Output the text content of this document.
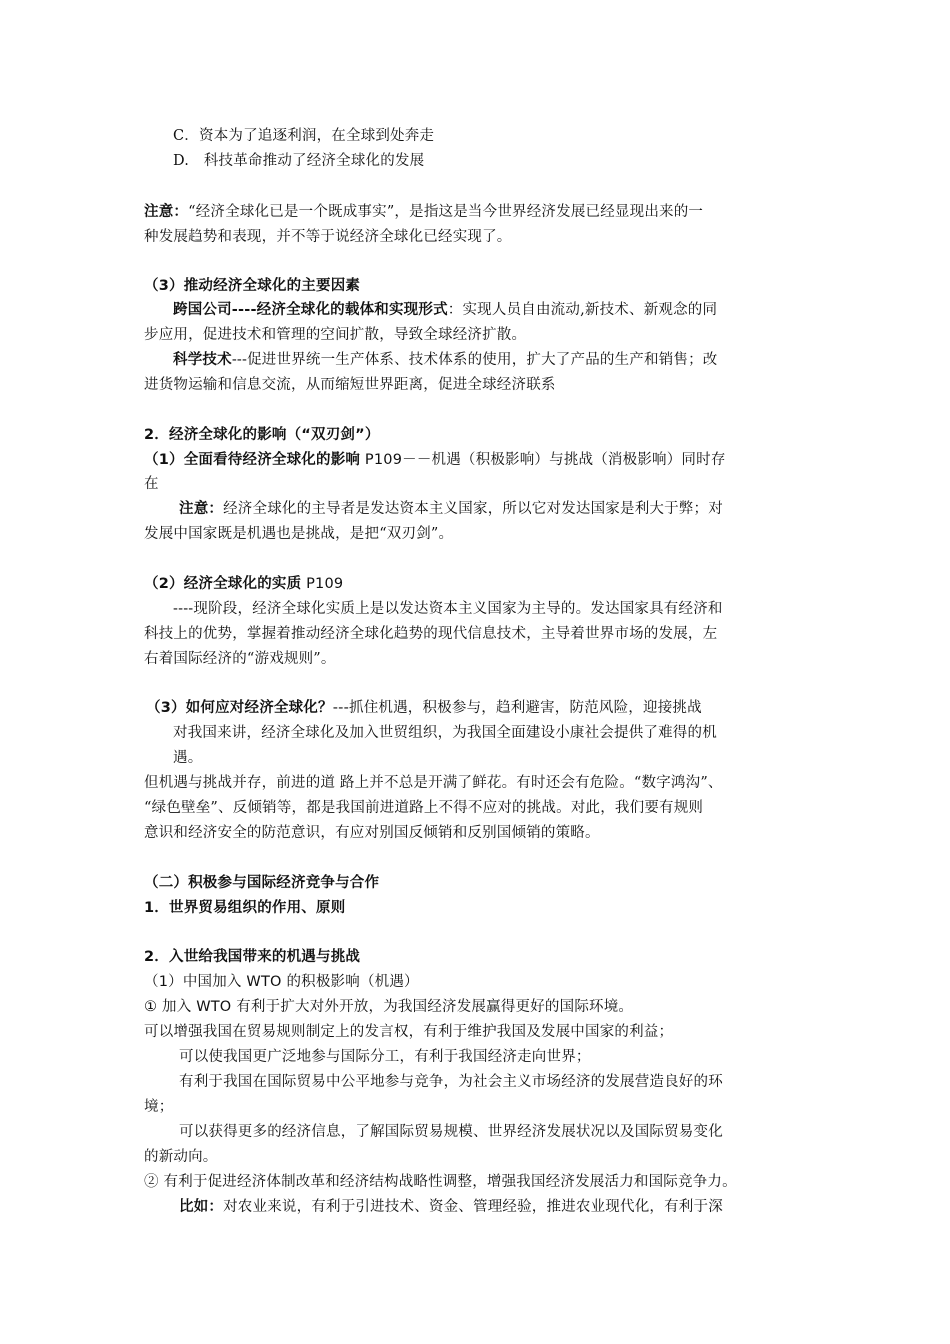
C．资本为了追逐利润，在全球到处奔走
D.　科技革命推动了经济全球化的发展
注意：“经济全球化已是一个既成事实”，是指这是当今世界经济发展已经显现出来的一
种发展趋势和表现，并不等于说经济全球化已经实现了。
（3）推动经济全球化的主要因素
跨国公司----经济全球化的载体和实现形式：实现人员自由流动,新技术、新观念的同
步应用，促进技术和管理的空间扩散，导致全球经济扩散。
科学技术---促进世界统一生产体系、技术体系的使用，扩大了产品的生产和销售；改
进货物运输和信息交流，从而缩短世界距离，促进全球经济联系
2．经济全球化的影响（“双刃剑”）
（1）全面看待经济全球化的影响 P109－－机遇（积极影响）与挑战（消极影响）同时存
在
注意：经济全球化的主导者是发达资本主义国家，所以它对发达国家是利大于弊；对
发展中国家既是机遇也是挑战，是把“双刃剑”。
（2）经济全球化的实质 P109
----现阶段，经济全球化实质上是以发达资本主义国家为主导的。发达国家具有经济和
科技上的优势，掌握着推动经济全球化趋势的现代信息技术，主导着世界市场的发展，左
右着国际经济的“游戏规则”。
（3）如何应对经济全球化？---抓住机遇，积极参与，趋利避害，防范风险，迎接挑战
对我国来讲，经济全球化及加入世贸组织，为我国全面建设小康社会提供了难得的机
遇。
但机遇与挑战并存，前进的道 路上并不总是开满了鲜花。有时还会有危险。“数字鸿沟”、
“绿色壁垒”、反倾销等，都是我国前进道路上不得不应对的挑战。对此，我们要有规则
意识和经济安全的防范意识，有应对别国反倾销和反别国倾销的策略。
（二）积极参与国际经济竞争与合作
1．世界贸易组织的作用、原则
2．入世给我国带来的机遇与挑战
（1）中国加入 WTO 的积极影响（机遇）
① 加入 WTO 有利于扩大对外开放，为我国经济发展赢得更好的国际环境。
可以增强我国在贸易规则制定上的发言权，有利于维护我国及发展中国家的利益；
可以使我国更广泛地参与国际分工，有利于我国经济走向世界；
有利于我国在国际贸易中公平地参与竞争，为社会主义市场经济的发展营造良好的环
境；
可以获得更多的经济信息，了解国际贸易规模、世界经济发展状况以及国际贸易变化
的新动向。
② 有利于促进经济体制改革和经济结构战略性调整，增强我国经济发展活力和国际竞争力。
比如：对农业来说，有利于引进技术、资金、管理经验，推进农业现代化，有利于深
